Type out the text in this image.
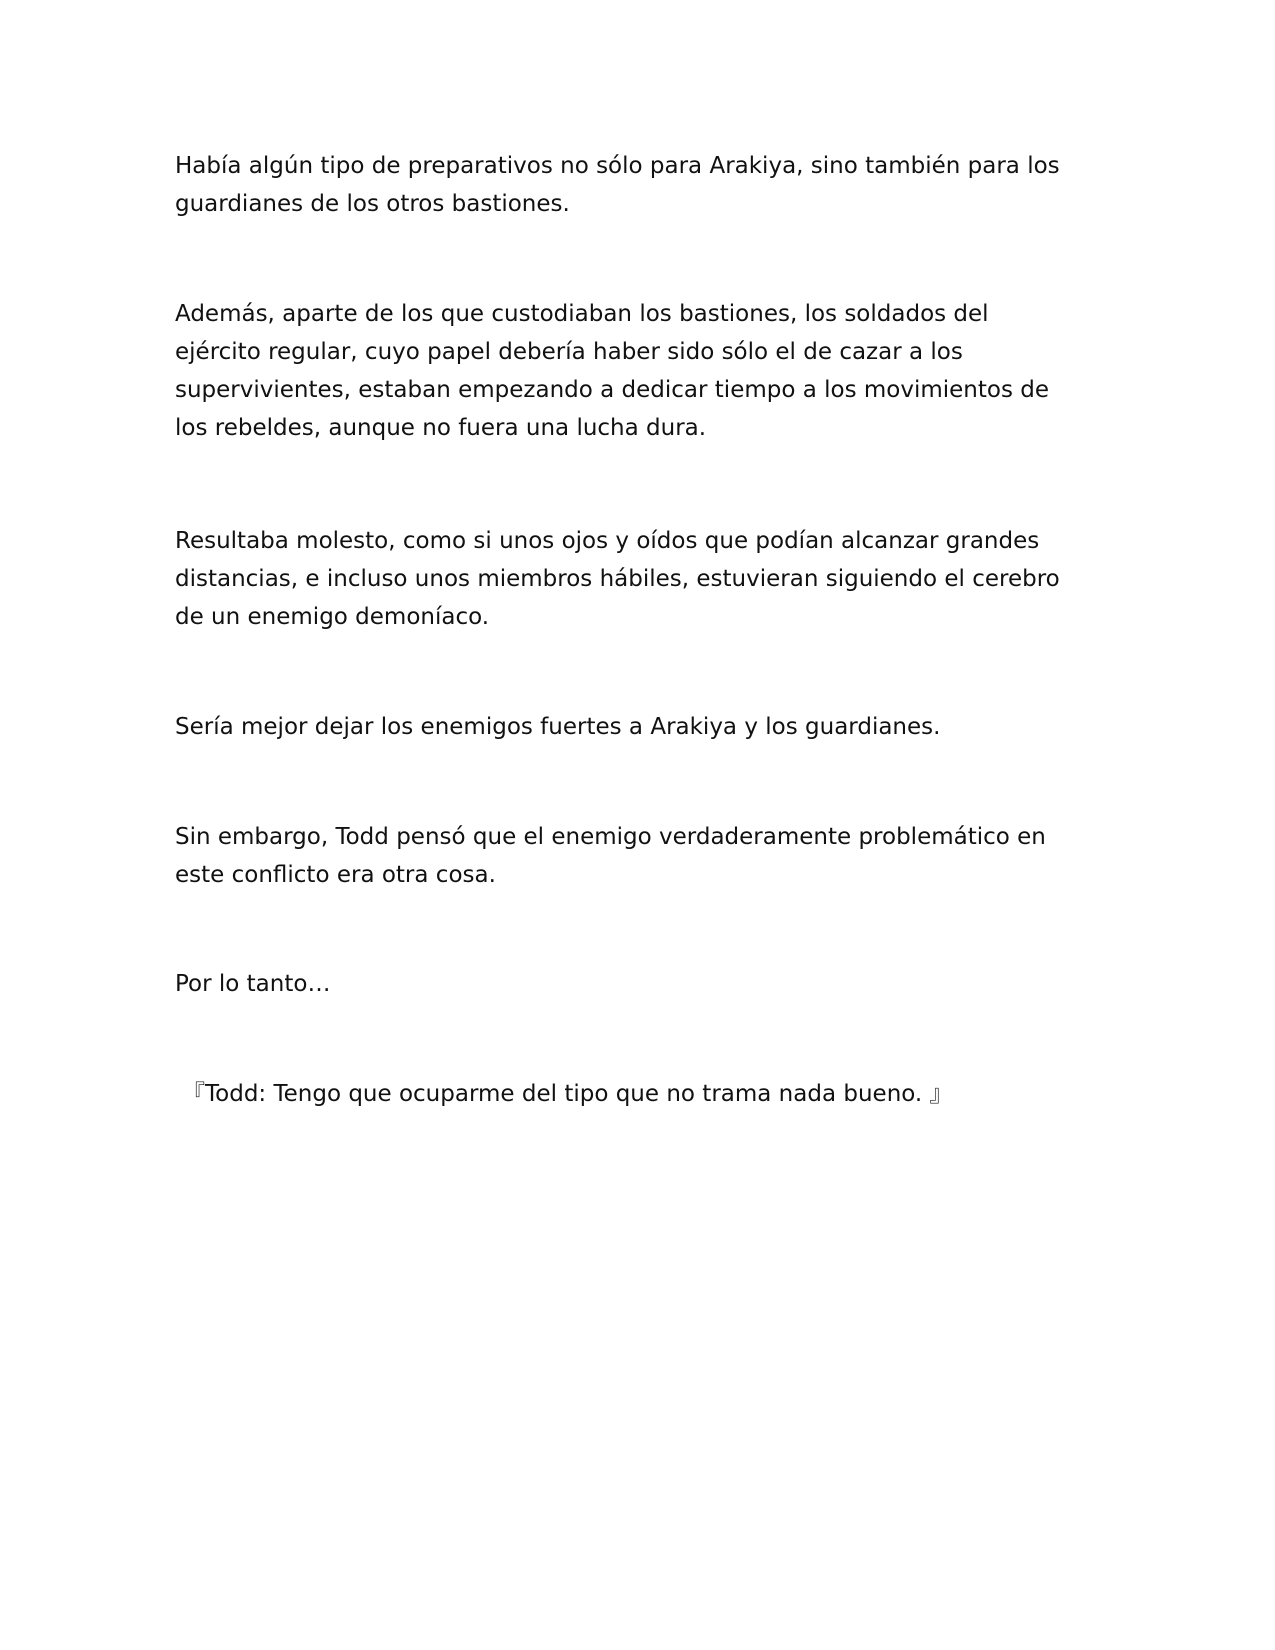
Había algún tipo de preparativos no sólo para Arakiya, sino también para los
guardianes de los otros bastiones.

Además, aparte de los que custodiaban los bastiones, los soldados del
ejército regular, cuyo papel debería haber sido sólo el de cazar a los
supervivientes, estaban empezando a dedicar tiempo a los movimientos de
los rebeldes, aunque no fuera una lucha dura.

Resultaba molesto, como si unos ojos y oídos que podían alcanzar grandes
distancias, e incluso unos miembros hábiles, estuvieran siguiendo el cerebro
de un enemigo demoníaco.

Sería mejor dejar los enemigos fuertes a Arakiya y los guardianes.

Sin embargo, Todd pensó que el enemigo verdaderamente problemático en
este conflicto era otra cosa.

Por lo tanto…

『Todd: Tengo que ocuparme del tipo que no trama nada bueno. 』
